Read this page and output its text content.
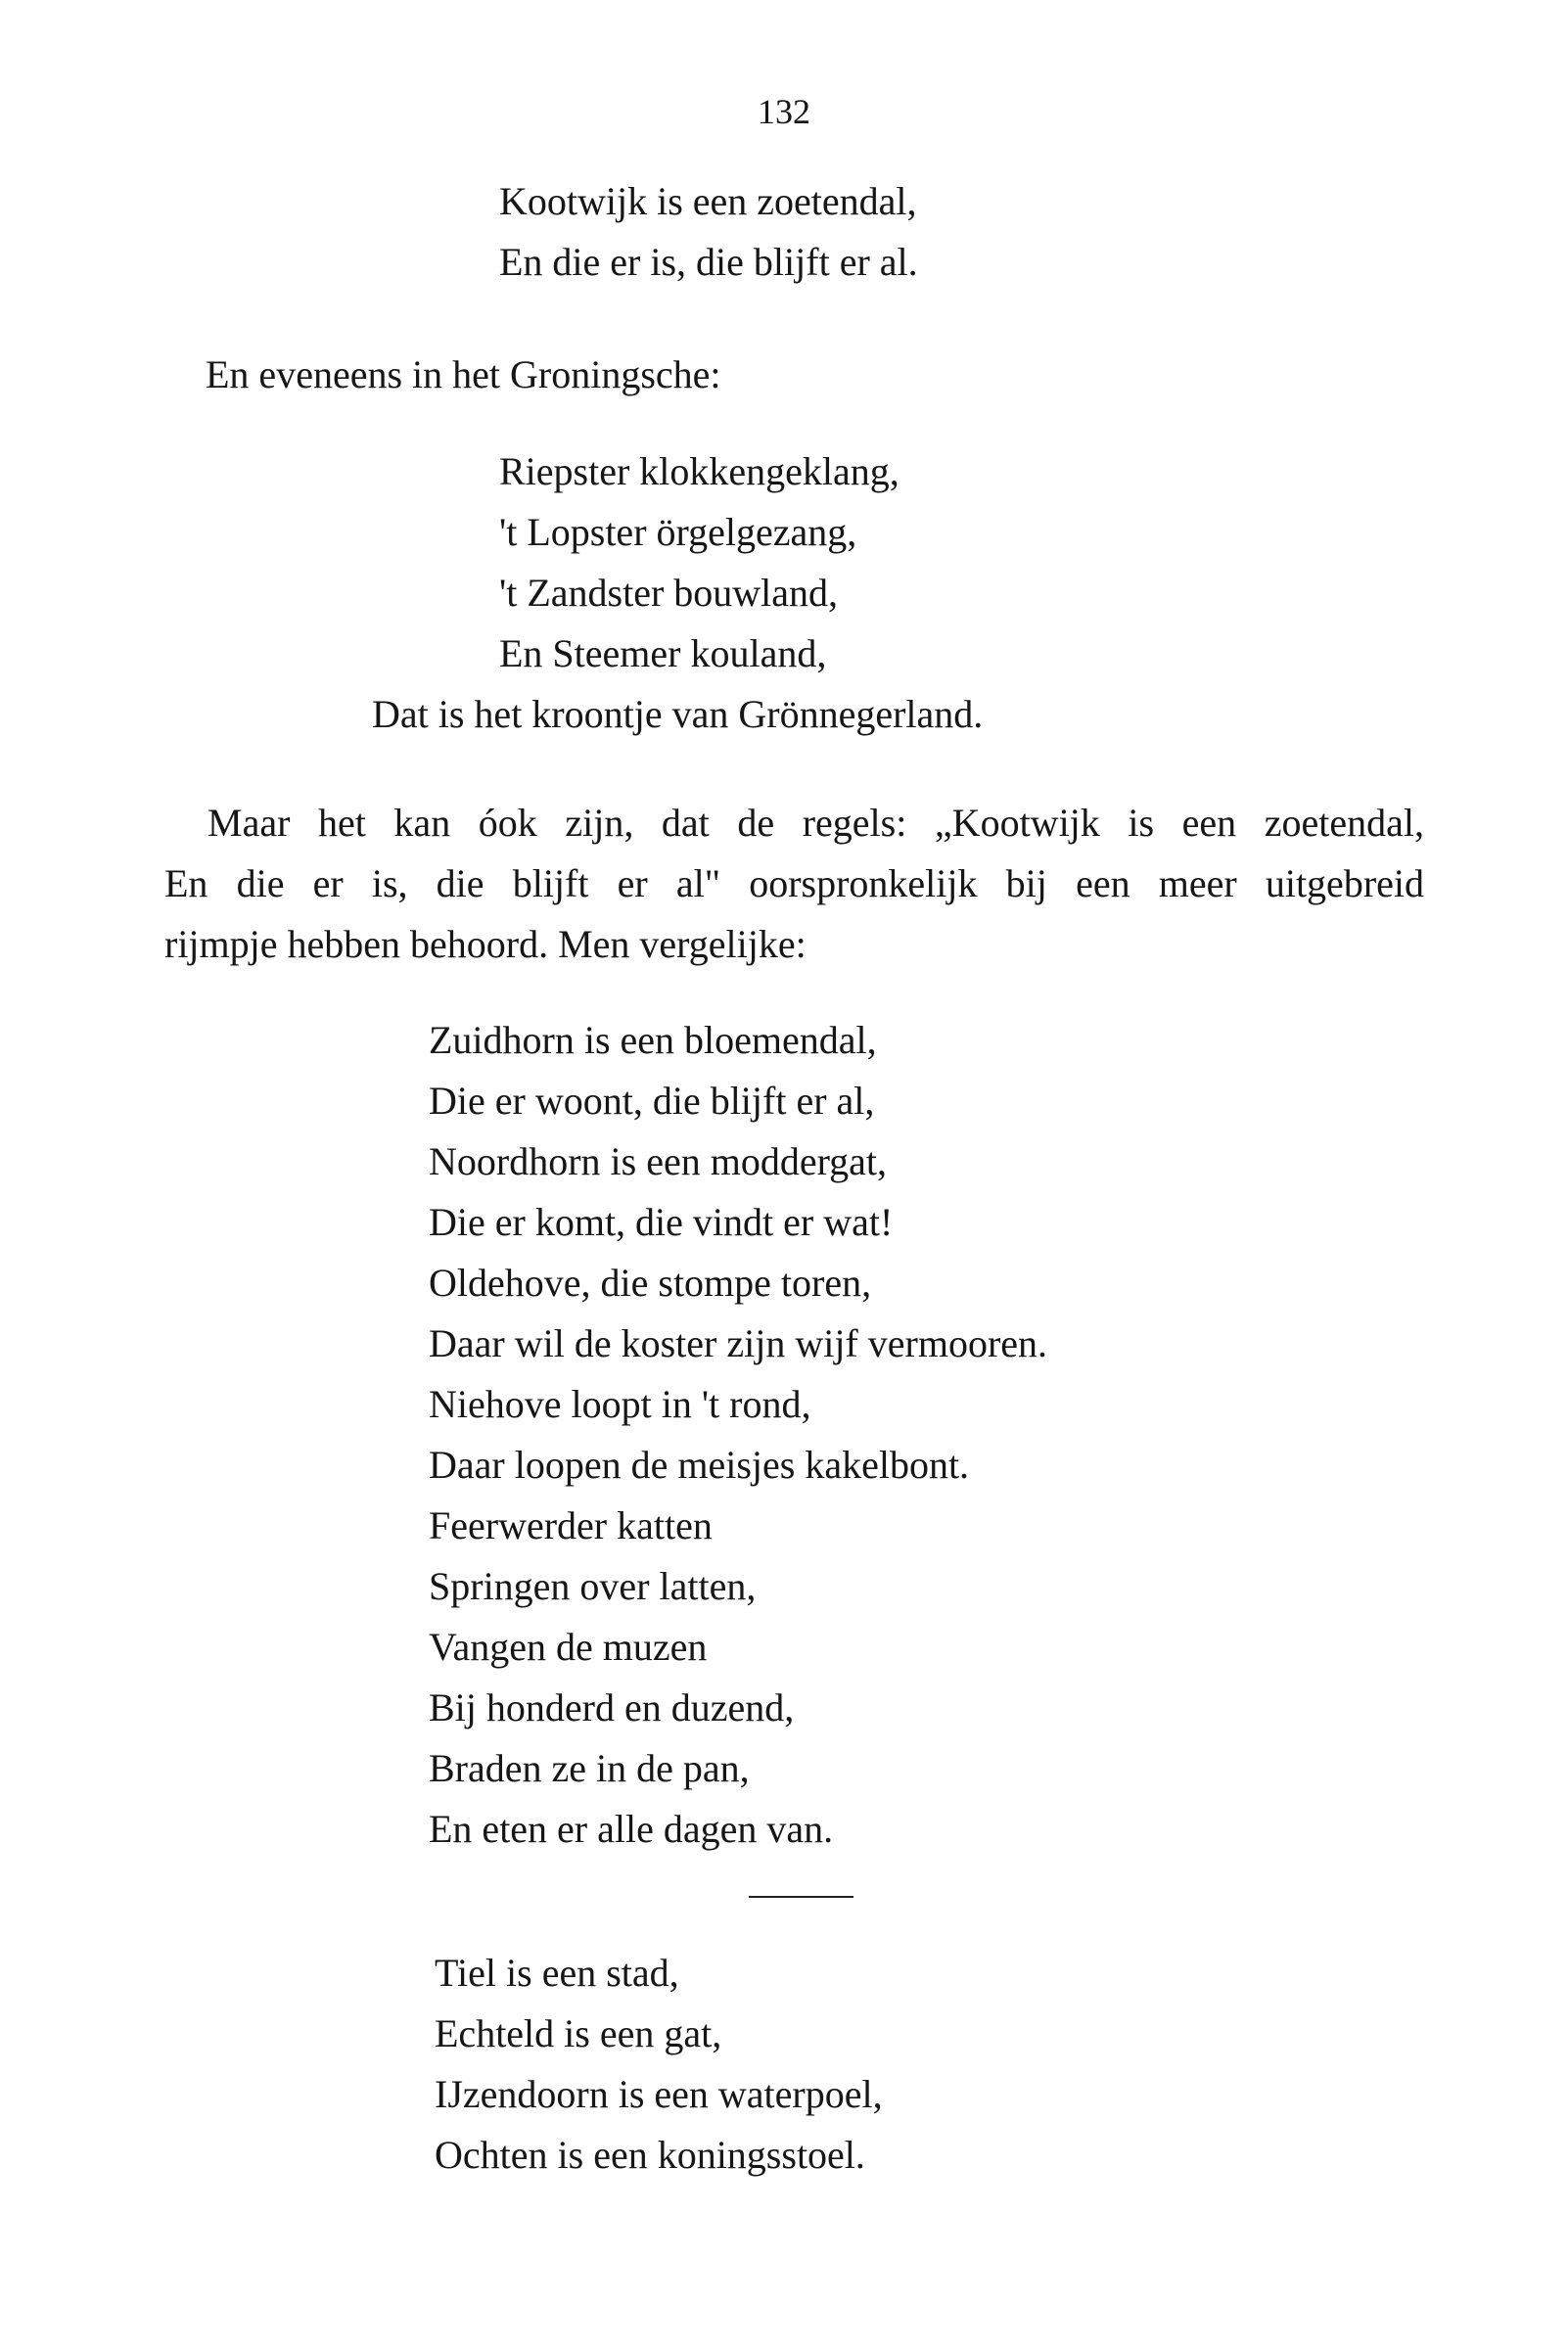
132
Kootwijk is een zoetendal,
En die er is, die blijft er al.
En eveneens in het Groningsche:
Riepster klokkengeklang,
't Lopster örgelgezang,
't Zandster bouwland,
En Steemer kouland,
Dat is het kroontje van Grönnegerland.
Maar het kan óok zijn, dat de regels: „Kootwijk is een zoetendal,
En die er is, die blijft er al" oorspronkelijk bij een meer uitgebreid
rijmpje hebben behoord. Men vergelijke:
Zuidhorn is een bloemendal,
Die er woont, die blijft er al,
Noordhorn is een moddergat,
Die er komt, die vindt er wat!
Oldehove, die stompe toren,
Daar wil de koster zijn wijf vermooren.
Niehove loopt in 't rond,
Daar loopen de meisjes kakelbont.
Feerwerder katten
Springen over latten,
Vangen de muzen
Bij honderd en duzend,
Braden ze in de pan,
En eten er alle dagen van.
Tiel is een stad,
Echteld is een gat,
IJzendoorn is een waterpoel,
Ochten is een koningsstoel.
